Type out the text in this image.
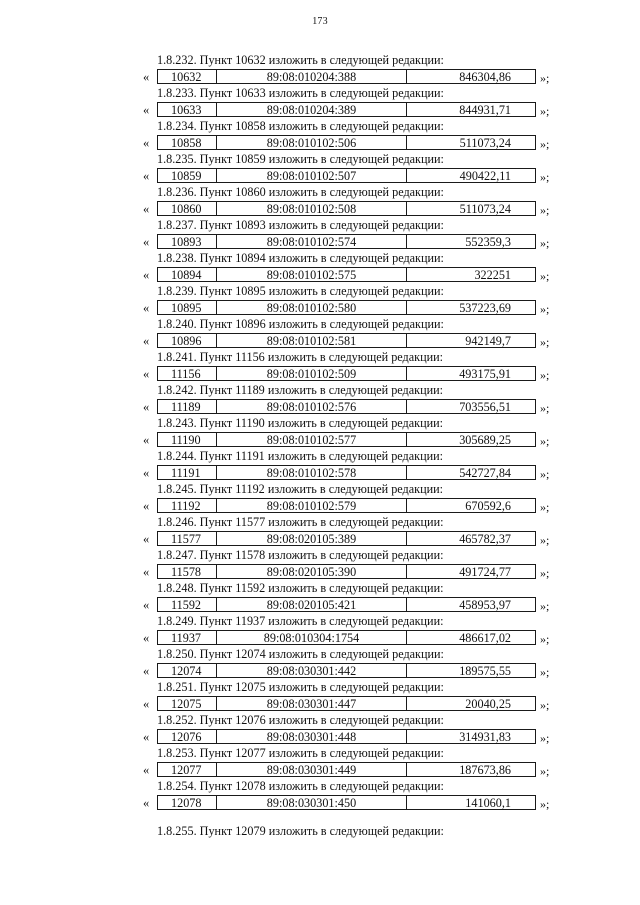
173
1.8.232. Пункт 10632 изложить в следующей редакции:
«	10632	89:08:010204:388	846304,86	»;
1.8.233. Пункт 10633 изложить в следующей редакции:
«	10633	89:08:010204:389	844931,71	»;
1.8.234. Пункт 10858 изложить в следующей редакции:
«	10858	89:08:010102:506	511073,24	»;
1.8.235. Пункт 10859 изложить в следующей редакции:
«	10859	89:08:010102:507	490422,11	»;
1.8.236. Пункт 10860 изложить в следующей редакции:
«	10860	89:08:010102:508	511073,24	»;
1.8.237. Пункт 10893 изложить в следующей редакции:
«	10893	89:08:010102:574	552359,3	»;
1.8.238. Пункт 10894 изложить в следующей редакции:
«	10894	89:08:010102:575	322251	»;
1.8.239. Пункт 10895 изложить в следующей редакции:
«	10895	89:08:010102:580	537223,69	»;
1.8.240. Пункт 10896 изложить в следующей редакции:
«	10896	89:08:010102:581	942149,7	»;
1.8.241. Пункт 11156 изложить в следующей редакции:
«	11156	89:08:010102:509	493175,91	»;
1.8.242. Пункт 11189 изложить в следующей редакции:
«	11189	89:08:010102:576	703556,51	»;
1.8.243. Пункт 11190 изложить в следующей редакции:
«	11190	89:08:010102:577	305689,25	»;
1.8.244. Пункт 11191 изложить в следующей редакции:
«	11191	89:08:010102:578	542727,84	»;
1.8.245. Пункт 11192 изложить в следующей редакции:
«	11192	89:08:010102:579	670592,6	»;
1.8.246. Пункт 11577 изложить в следующей редакции:
«	11577	89:08:020105:389	465782,37	»;
1.8.247. Пункт 11578 изложить в следующей редакции:
«	11578	89:08:020105:390	491724,77	»;
1.8.248. Пункт 11592 изложить в следующей редакции:
«	11592	89:08:020105:421	458953,97	»;
1.8.249. Пункт 11937 изложить в следующей редакции:
«	11937	89:08:010304:1754	486617,02	»;
1.8.250. Пункт 12074 изложить в следующей редакции:
«	12074	89:08:030301:442	189575,55	»;
1.8.251. Пункт 12075 изложить в следующей редакции:
«	12075	89:08:030301:447	20040,25	»;
1.8.252. Пункт 12076 изложить в следующей редакции:
«	12076	89:08:030301:448	314931,83	»;
1.8.253. Пункт 12077 изложить в следующей редакции:
«	12077	89:08:030301:449	187673,86	»;
1.8.254. Пункт 12078 изложить в следующей редакции:
«	12078	89:08:030301:450	141060,1	»;
1.8.255. Пункт 12079 изложить в следующей редакции:
